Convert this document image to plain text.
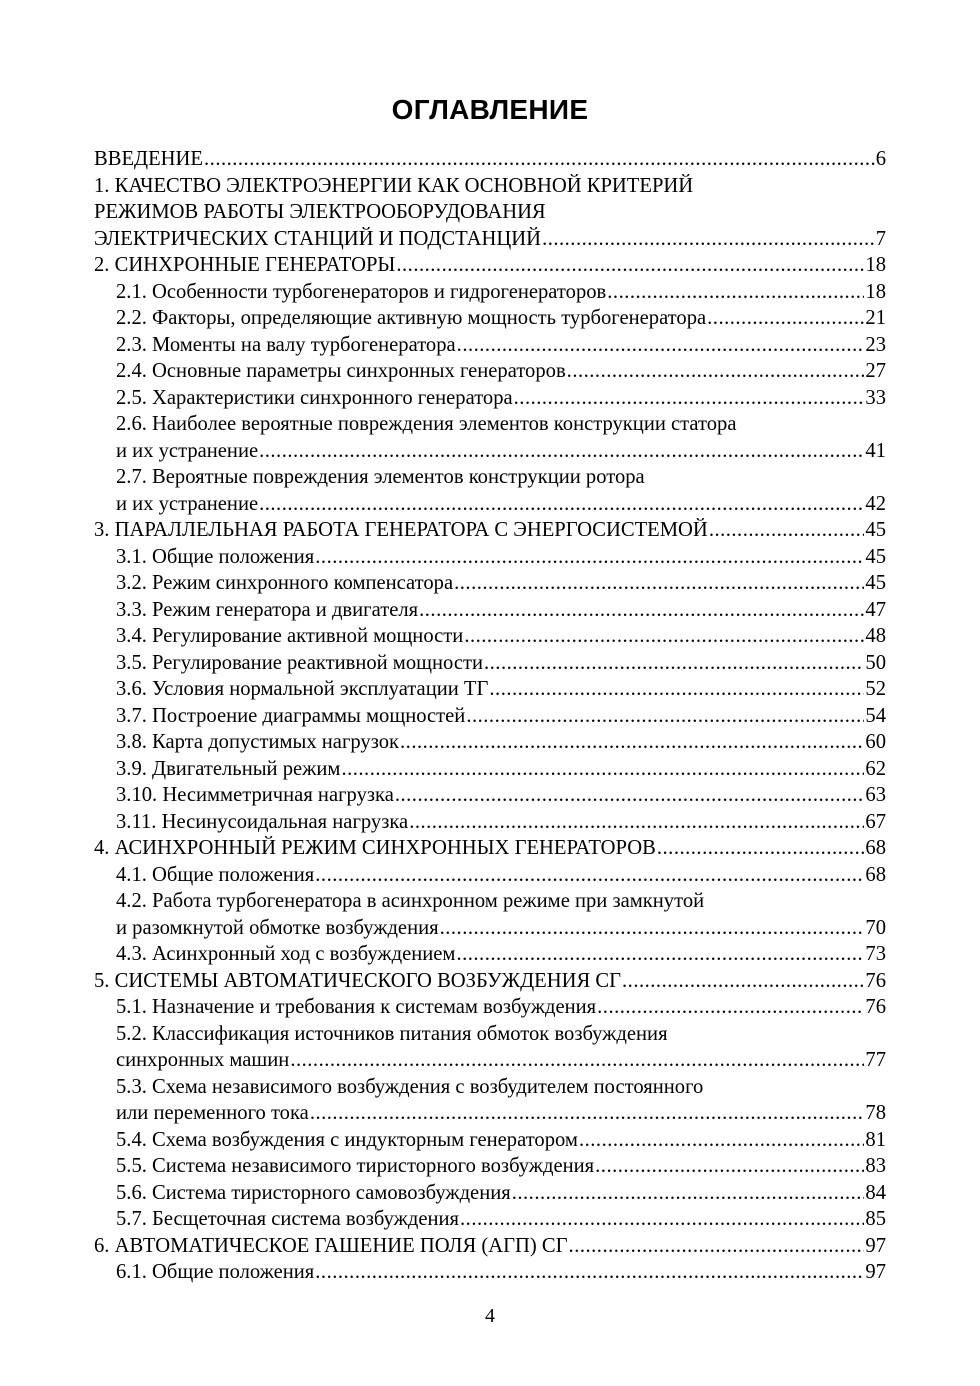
ОГЛАВЛЕНИЕ
ВВЕДЕНИЕ .....	6
1. КАЧЕСТВО ЭЛЕКТРОЭНЕРГИИ КАК ОСНОВНОЙ КРИТЕРИЙ
РЕЖИМОВ РАБОТЫ ЭЛЕКТРООБОРУДОВАНИЯ
ЭЛЕКТРИЧЕСКИХ СТАНЦИЙ И ПОДСТАНЦИЙ .....	7
2. СИНХРОННЫЕ ГЕНЕРАТОРЫ .....	18
2.1. Особенности турбогенераторов и гидрогенераторов .....	18
2.2. Факторы, определяющие активную мощность турбогенератора .....	21
2.3. Моменты на валу турбогенератора .....	23
2.4. Основные параметры синхронных генераторов .....	27
2.5. Характеристики синхронного генератора .....	33
2.6. Наиболее вероятные повреждения элементов конструкции статора
и их устранение .....	41
2.7. Вероятные повреждения элементов конструкции ротора
и их устранение .....	42
3. ПАРАЛЛЕЛЬНАЯ РАБОТА ГЕНЕРАТОРА С ЭНЕРГОСИСТЕМОЙ .....	45
3.1. Общие положения .....	45
3.2. Режим синхронного компенсатора .....	45
3.3. Режим генератора и двигателя .....	47
3.4. Регулирование активной мощности .....	48
3.5. Регулирование реактивной мощности .....	50
3.6. Условия нормальной эксплуатации ТГ .....	52
3.7. Построение диаграммы мощностей .....	54
3.8. Карта допустимых нагрузок .....	60
3.9. Двигательный режим .....	62
3.10. Несимметричная нагрузка .....	63
3.11. Несинусоидальная нагрузка .....	67
4. АСИНХРОННЫЙ РЕЖИМ СИНХРОННЫХ ГЕНЕРАТОРОВ .....	68
4.1. Общие положения .....	68
4.2. Работа турбогенератора в асинхронном режиме при замкнутой
и разомкнутой обмотке возбуждения .....	70
4.3. Асинхронный ход с возбуждением .....	73
5. СИСТЕМЫ АВТОМАТИЧЕСКОГО ВОЗБУЖДЕНИЯ СГ .....	76
5.1. Назначение и требования к системам возбуждения .....	76
5.2. Классификация источников питания обмоток возбуждения
синхронных машин .....	77
5.3. Схема независимого возбуждения с возбудителем постоянного
или переменного тока .....	78
5.4. Схема возбуждения с индукторным генератором .....	81
5.5. Система независимого тиристорного возбуждения .....	83
5.6. Система тиристорного самовозбуждения .....	84
5.7. Бесщеточная система возбуждения .....	85
6. АВТОМАТИЧЕСКОЕ ГАШЕНИЕ ПОЛЯ (АГП) СГ .....	97
6.1. Общие положения .....	97
4
